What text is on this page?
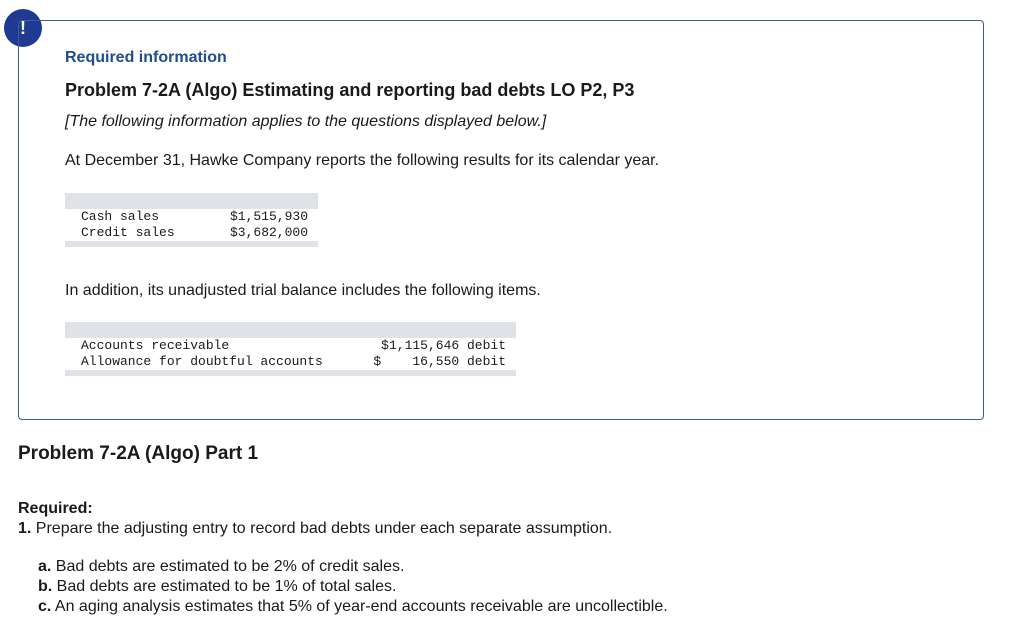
!
Required information
Problem 7-2A (Algo) Estimating and reporting bad debts LO P2, P3
[The following information applies to the questions displayed below.]
At December 31, Hawke Company reports the following results for its calendar year.

Cash sales	$1,515,930
Credit sales	$3,682,000

In addition, its unadjusted trial balance includes the following items.

Accounts receivable	$1,115,646 debit
Allowance for doubtful accounts	$    16,550 debit

Problem 7-2A (Algo) Part 1
Required:
1. Prepare the adjusting entry to record bad debts under each separate assumption.
a. Bad debts are estimated to be 2% of credit sales.
b. Bad debts are estimated to be 1% of total sales.
c. An aging analysis estimates that 5% of year-end accounts receivable are uncollectible.
